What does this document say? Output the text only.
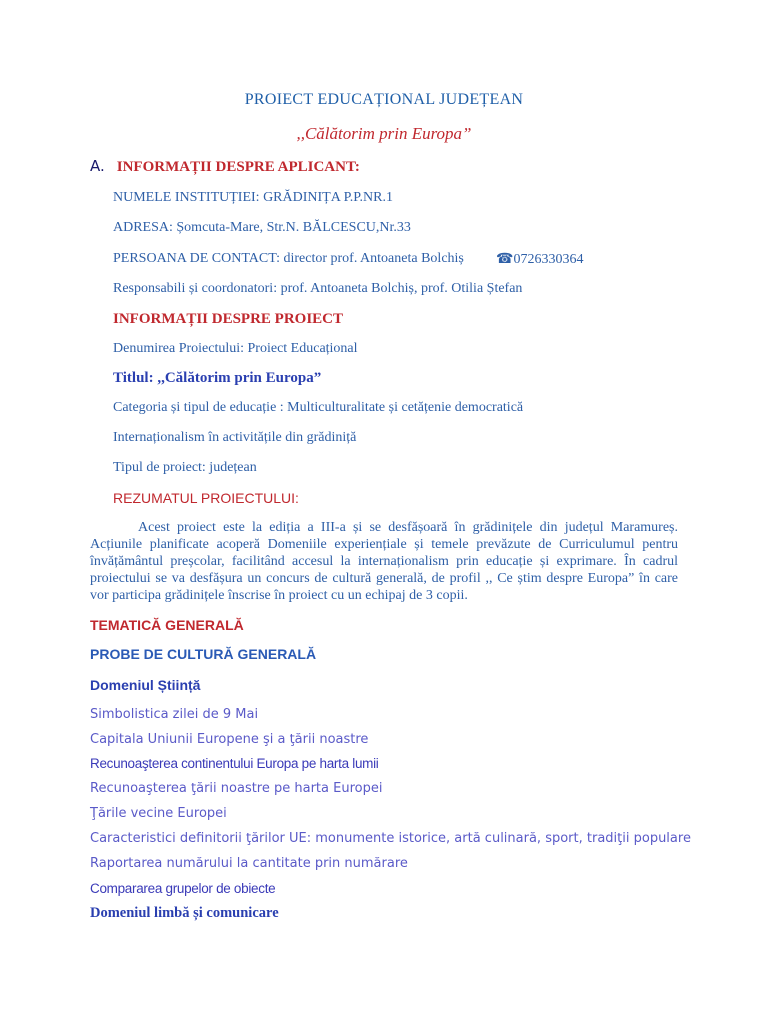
PROIECT EDUCAȚIONAL JUDEȚEAN
,,Călătorim prin Europa”
A. INFORMAȚII DESPRE APLICANT:
NUMELE INSTITUȚIEI: GRĂDINIȚA P.P.NR.1
ADRESA: Șomcuta-Mare, Str.N. BĂLCESCU,Nr.33
PERSOANA DE CONTACT: director prof. Antoaneta Bolchiș ☎0726330364
Responsabili și coordonatori: prof. Antoaneta Bolchiș, prof. Otilia Ștefan
INFORMAȚII DESPRE PROIECT
Denumirea Proiectului: Proiect Educațional
Titlul: ,,Călătorim prin Europa”
Categoria și tipul de educație : Multiculturalitate și cetățenie democratică
Internaționalism în activitățile din grădiniță
Tipul de proiect: județean
REZUMATUL PROIECTULUI:
Acest proiect este la ediția a III-a și se desfășoară în grădinițele din județul Maramureș. Acțiunile planificate acoperă Domeniile experiențiale și temele prevăzute de Curriculumul pentru învățământul preșcolar, facilitând accesul la internaționalism prin educație și exprimare. În cadrul proiectului se va desfășura un concurs de cultură generală, de profil ,, Ce știm despre Europa” în care vor participa grădinițele înscrise în proiect cu un echipaj de 3 copii.
TEMATICĂ GENERALĂ
PROBE DE CULTURĂ GENERALĂ
Domeniul Știință
Simbolistica zilei de 9 Mai
Capitala Uniunii Europene şi a ţării noastre
Recunoaşterea continentului Europa pe harta lumii
Recunoaşterea ţării noastre pe harta Europei
Ţările vecine Europei
Caracteristici definitorii ţărilor UE: monumente istorice, artă culinară, sport, tradiţii populare
Raportarea numărului la cantitate prin numărare
Compararea grupelor de obiecte
Domeniul limbă și comunicare
